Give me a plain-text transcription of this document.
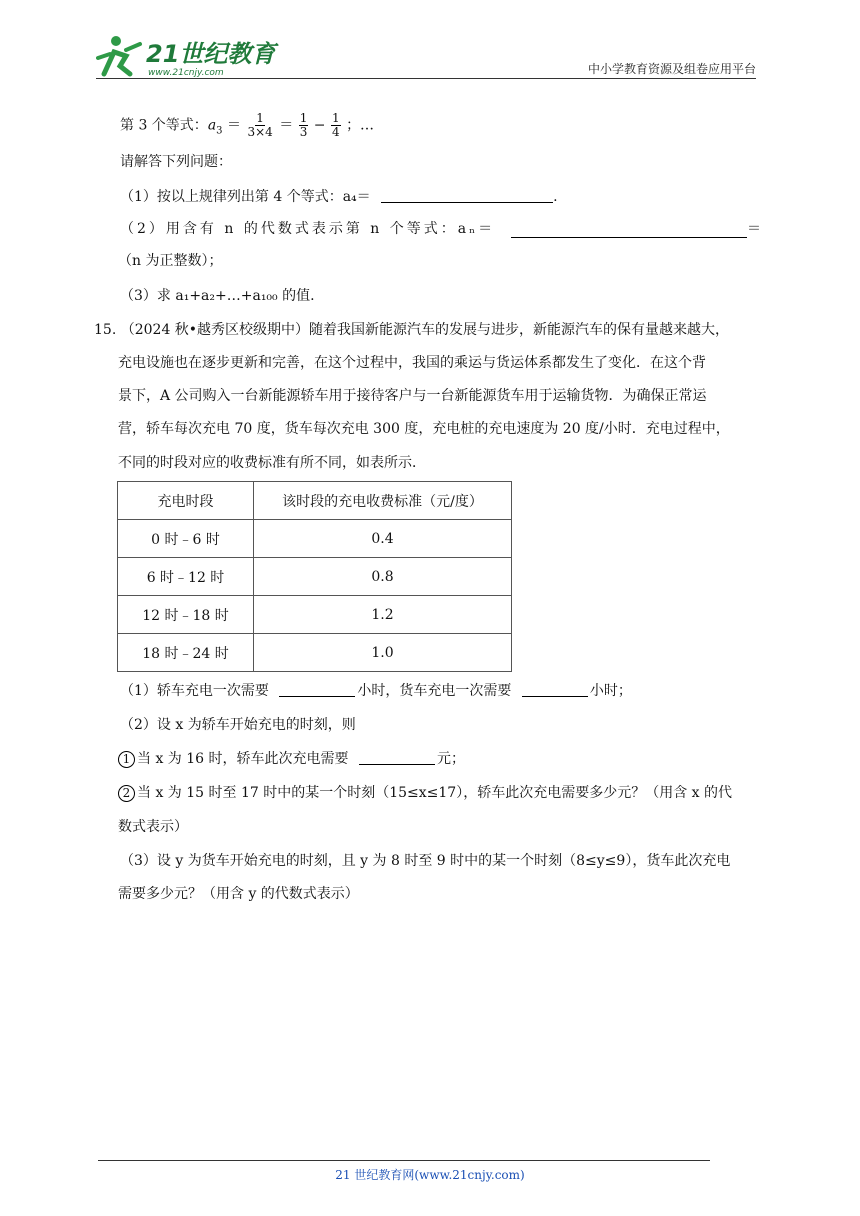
21世纪教育
www.21cnjy.com	中小学教育资源及组卷应用平台
第 3 个等式：$a_3 = \frac{1}{3\times 4} = \frac{1}{3} - \frac{1}{4}$ ；…
请解答下列问题：
（1）按以上规律列出第 4 个等式：a₄＝	.
（2）用含有 n 的代数式表示第 n 个等式：aₙ＝	＝
（n 为正整数）；
（3）求 a₁+a₂+…+a₁₀₀ 的值.
15. （2024 秋•越秀区校级期中）随着我国新能源汽车的发展与进步，新能源汽车的保有量越来越大，
充电设施也在逐步更新和完善，在这个过程中，我国的乘运与货运体系都发生了变化．在这个背
景下，A 公司购入一台新能源轿车用于接待客户与一台新能源货车用于运输货物．为确保正常运
营，轿车每次充电 70 度，货车每次充电 300 度，充电桩的充电速度为 20 度/小时．充电过程中，
不同的时段对应的收费标准有所不同，如表所示．
充电时段	该时段的充电收费标准（元/度）
0 时﹣6 时	0.4
6 时﹣12 时	0.8
12 时﹣18 时	1.2
18 时﹣24 时	1.0
（1）轿车充电一次需要	小时，货车充电一次需要	小时；
（2）设 x 为轿车开始充电的时刻，则
1 当 x 为 16 时，轿车此次充电需要	元；
2 当 x 为 15 时至 17 时中的某一个时刻（15≤x≤17），轿车此次充电需要多少元？（用含 x 的代
数式表示）
（3）设 y 为货车开始充电的时刻，且 y 为 8 时至 9 时中的某一个时刻（8≤y≤9），货车此次充电
需要多少元？（用含 y 的代数式表示）
21 世纪教育网(www.21cnjy.com)
